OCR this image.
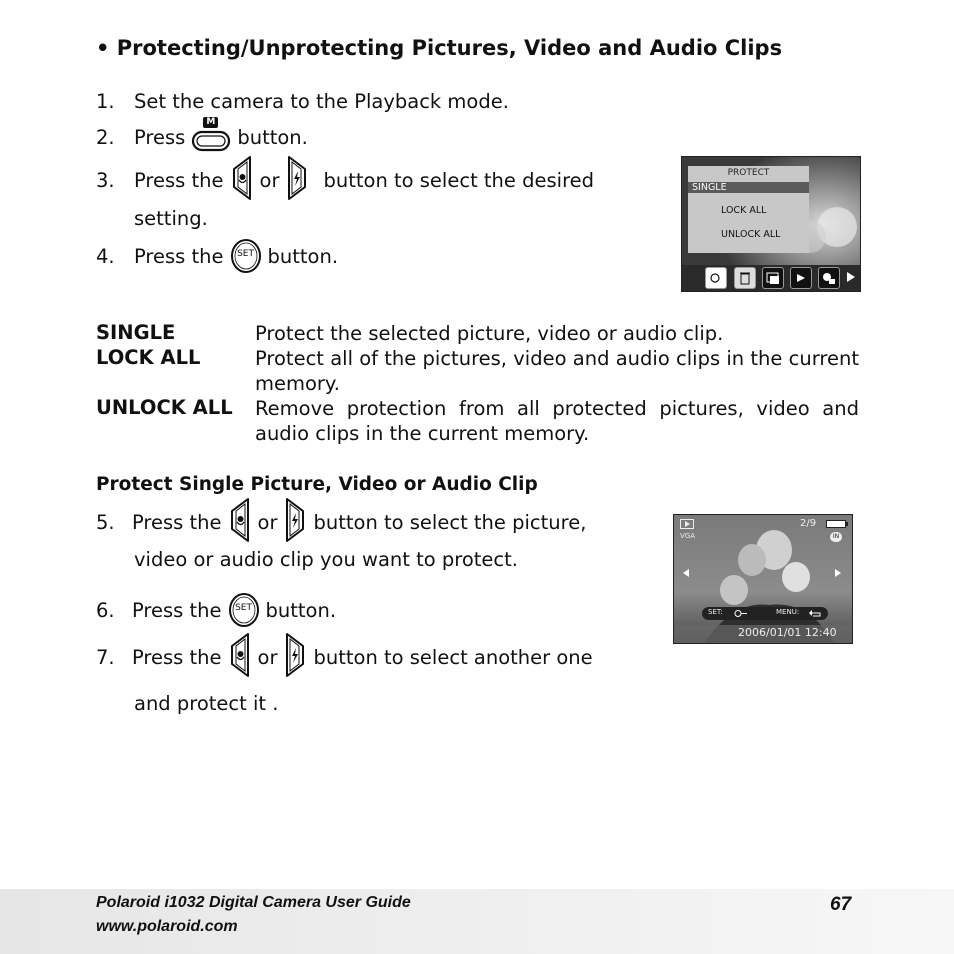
• Protecting/Unprotecting Pictures, Video and Audio Clips
1. Set the camera to the Playback mode.
2. Press
M
button.
3. Press the or button to select the desired
setting.
4. Press the	SET button.
PROTECT
SINGLE
LOCK ALL
UNLOCK ALL
SINGLE	Protect the selected picture, video or audio clip.
LOCK ALL	Protect all of the pictures, video and audio clips in the current memory.
UNLOCK ALL Remove protection from all protected pictures, video and audio clips in the current memory.
Protect Single Picture, Video or Audio Clip
5. Press the or button to select the picture,
video or audio clip you want to protect.
6. Press the	SET button.
7. Press the or button to select another one
and protect it .
VGA
2/9
IN
SET:	MENU:
2006/01/01 12:40
Polaroid i1032 Digital Camera User Guide
www.polaroid.com
67
